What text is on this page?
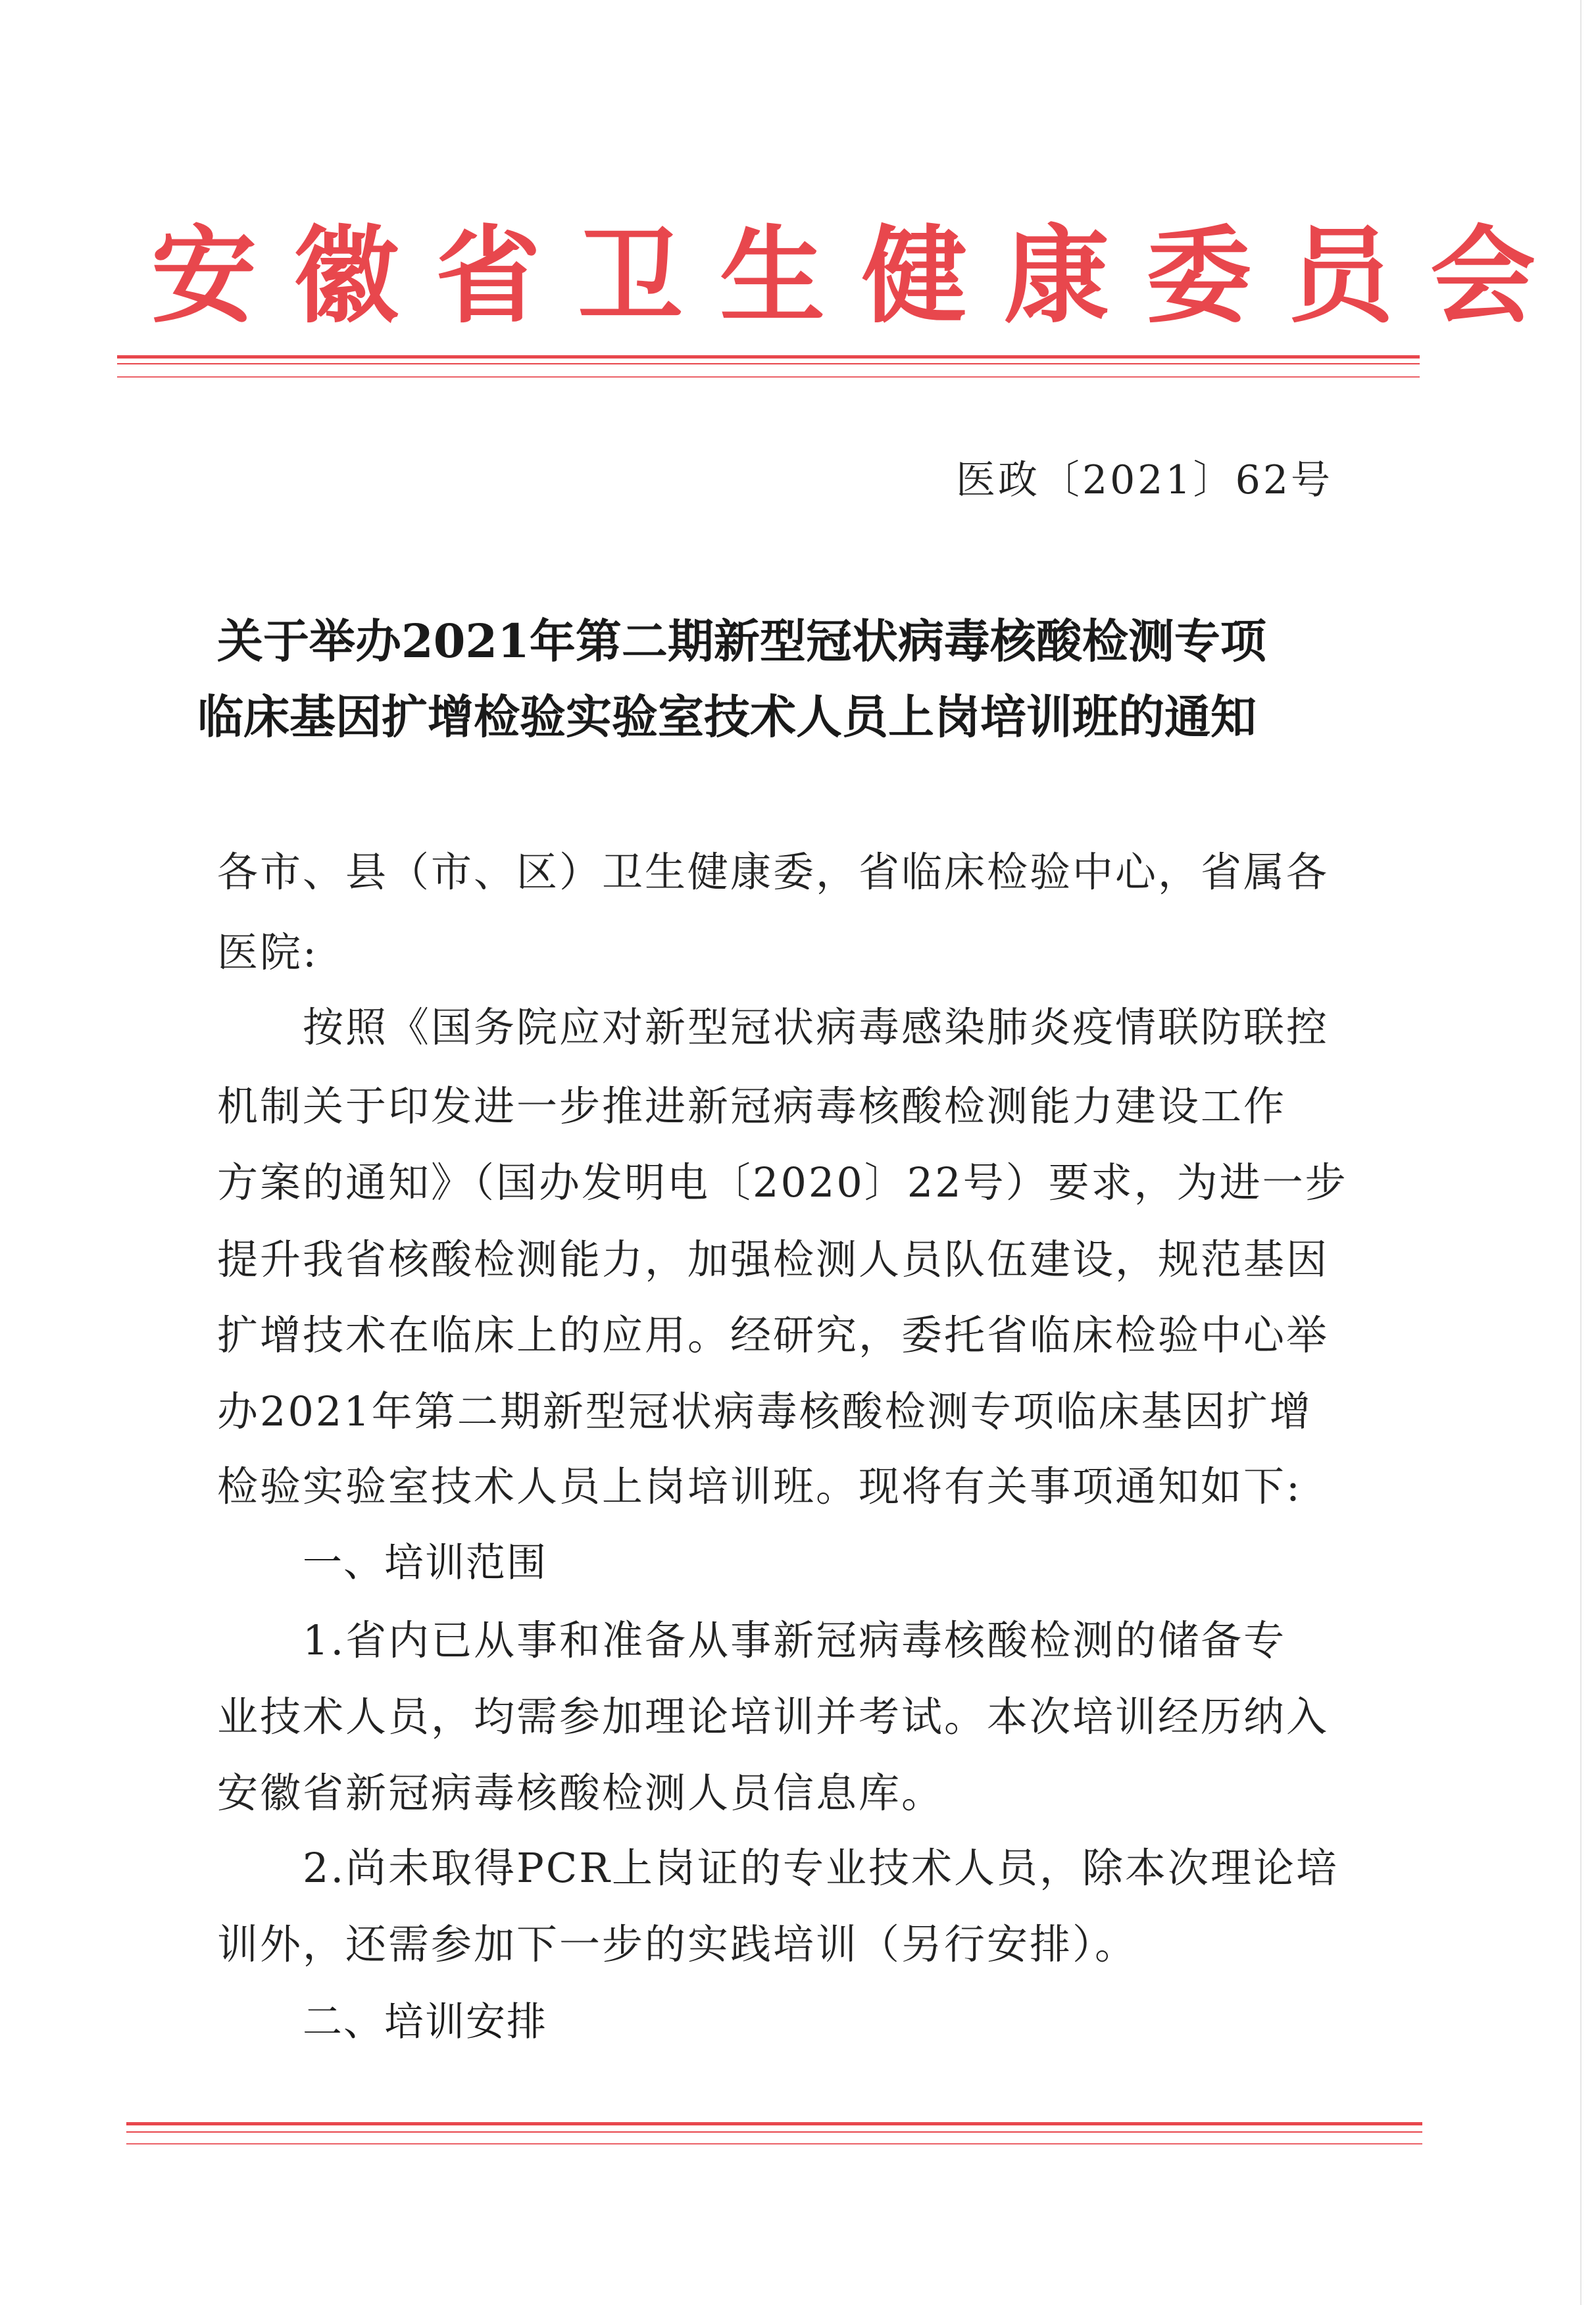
安徽省卫生健康委员会
医政〔2021〕62号
关于举办2021年第二期新型冠状病毒核酸检测专项
临床基因扩增检验实验室技术人员上岗培训班的通知
各市、县（市、区）卫生健康委，省临床检验中心，省属各
医院:
按照《国务院应对新型冠状病毒感染肺炎疫情联防联控
机制关于印发进一步推进新冠病毒核酸检测能力建设工作
方案的通知》（国办发明电〔2020〕22号）要求，为进一步
提升我省核酸检测能力，加强检测人员队伍建设，规范基因
扩增技术在临床上的应用。经研究，委托省临床检验中心举
办2021年第二期新型冠状病毒核酸检测专项临床基因扩增
检验实验室技术人员上岗培训班。现将有关事项通知如下:
一、培训范围
1.省内已从事和准备从事新冠病毒核酸检测的储备专
业技术人员，均需参加理论培训并考试。本次培训经历纳入
安徽省新冠病毒核酸检测人员信息库。
2.尚未取得PCR上岗证的专业技术人员，除本次理论培
训外，还需参加下一步的实践培训（另行安排）。
二、培训安排
